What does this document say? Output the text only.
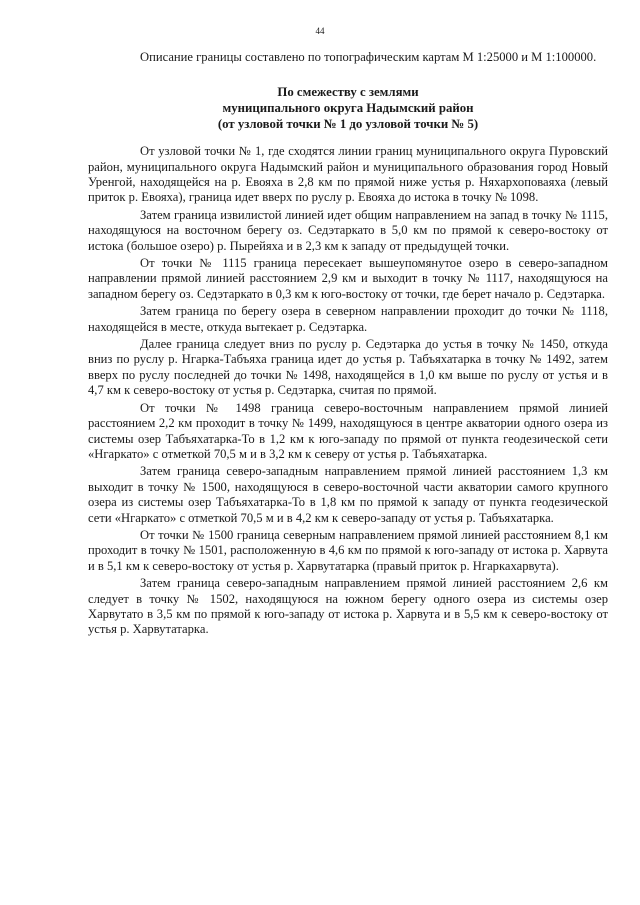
44

Описание границы составлено по топографическим картам М 1:25000 и М 1:100000.

По смежеству с землями
муниципального округа Надымский район
(от узловой точки № 1 до узловой точки № 5)

От узловой точки № 1, где сходятся линии границ муниципального округа Пуровский район, муниципального округа Надымский район и муниципального образования город Новый Уренгой, находящейся на р. Евояха в 2,8 км по прямой ниже устья р. Няхархоповаяха (левый приток р. Евояха), граница идет вверх по руслу р. Евояха до истока в точку № 1098.

Затем граница извилистой линией идет общим направлением на запад в точку № 1115, находящуюся на восточном берегу оз. Седэтаркато в 5,0 км по прямой к северо-востоку от истока (большое озеро) р. Пырейяха и в 2,3 км к западу от предыдущей точки.

От точки № 1115 граница пересекает вышеупомянутое озеро в северо-западном направлении прямой линией расстоянием 2,9 км и выходит в точку № 1117, находящуюся на западном берегу оз. Седэтаркато в 0,3 км к юго-востоку от точки, где берет начало р. Седэтарка.

Затем граница по берегу озера в северном направлении проходит до точки № 1118, находящейся в месте, откуда вытекает р. Седэтарка.

Далее граница следует вниз по руслу р. Седэтарка до устья в точку № 1450, откуда вниз по руслу р. Нгарка-Табъяха граница идет до устья р. Табъяхатарка в точку № 1492, затем вверх по руслу последней до точки № 1498, находящейся в 1,0 км выше по руслу от устья и в 4,7 км к северо-востоку от устья р. Седэтарка, считая по прямой.

От точки № 1498 граница северо-восточным направлением прямой линией расстоянием 2,2 км проходит в точку № 1499, находящуюся в центре акватории одного озера из системы озер Табъяхатарка-То в 1,2 км к юго-западу по прямой от пункта геодезической сети «Нгаркато» с отметкой 70,5 м и в 3,2 км к северу от устья р. Табъяхатарка.

Затем граница северо-западным направлением прямой линией расстоянием 1,3 км выходит в точку № 1500, находящуюся в северо-восточной части акватории самого крупного озера из системы озер Табъяхатарка-То в 1,8 км по прямой к западу от пункта геодезической сети «Нгаркато» с отметкой 70,5 м и в 4,2 км к северо-западу от устья р. Табъяхатарка.

От точки № 1500 граница северным направлением прямой линией расстоянием 8,1 км проходит в точку № 1501, расположенную в 4,6 км по прямой к юго-западу от истока р. Харвута и в 5,1 км к северо-востоку от устья р. Харвутатарка (правый приток р. Нгаркахарвута).

Затем граница северо-западным направлением прямой линией расстоянием 2,6 км следует в точку № 1502, находящуюся на южном берегу одного озера из системы озер Харвутато в 3,5 км по прямой к юго-западу от истока р. Харвута и в 5,5 км к северо-востоку от устья р. Харвутатарка.
